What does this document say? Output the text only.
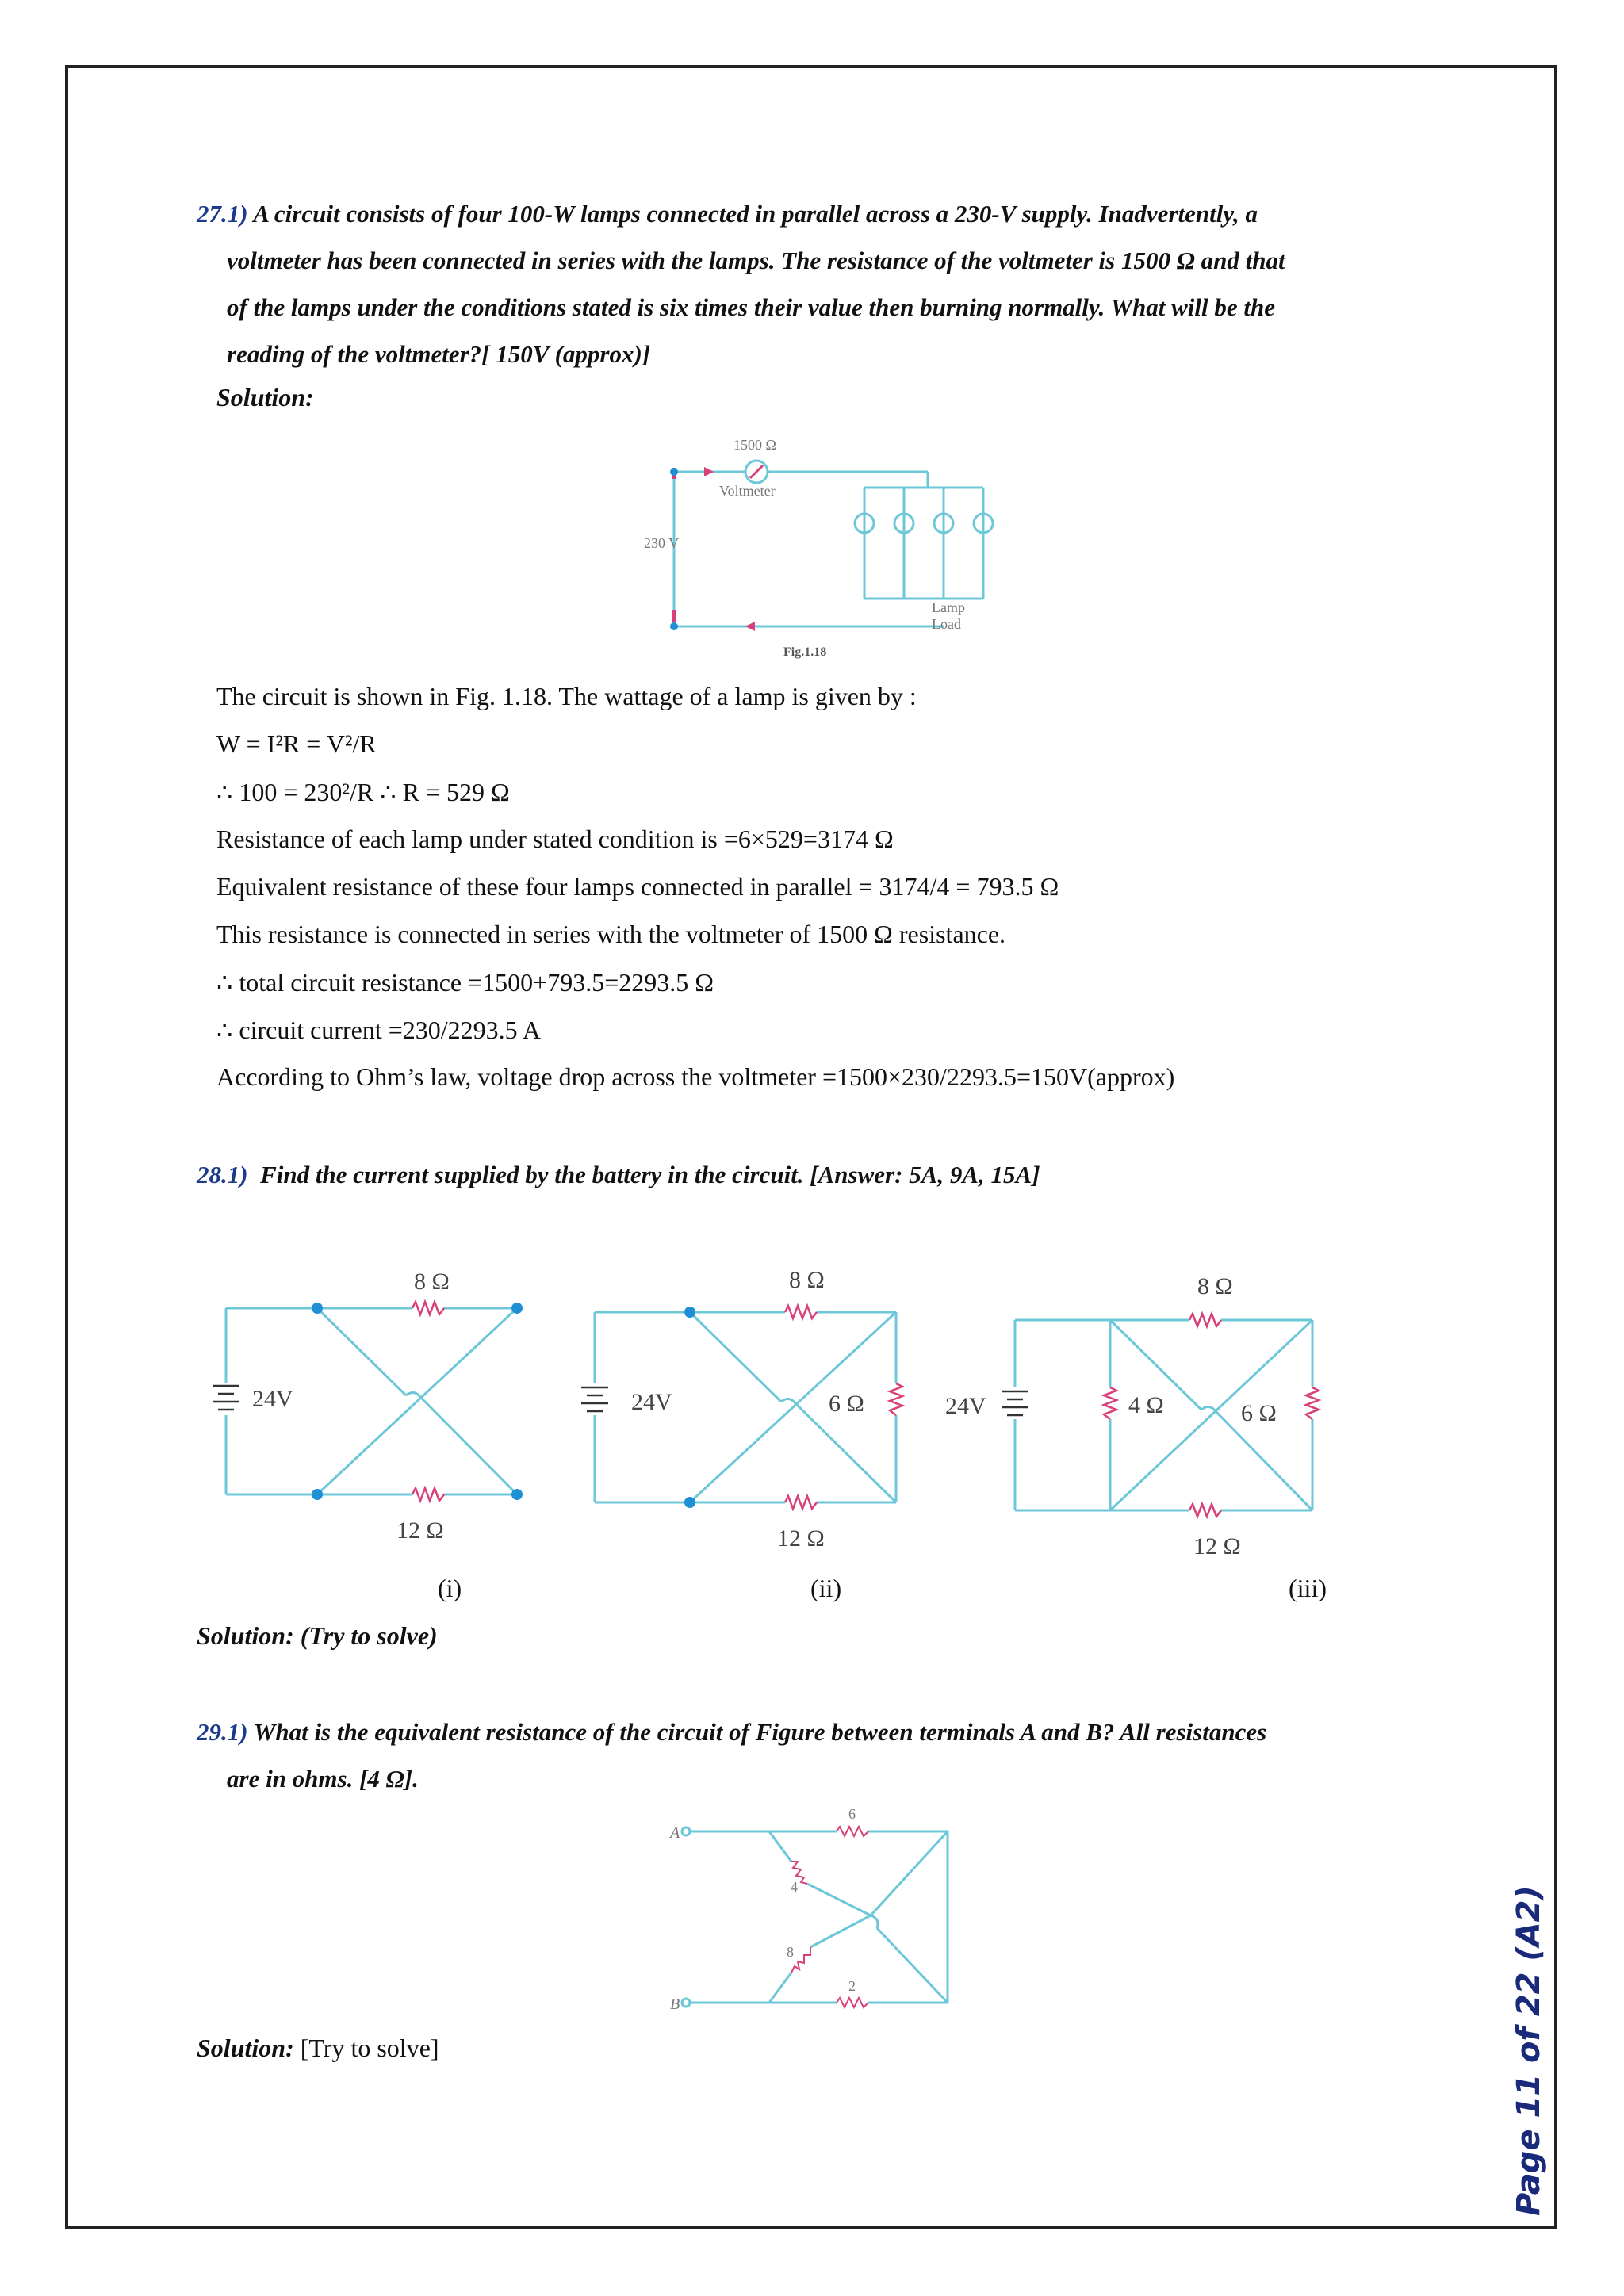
27.1) A circuit consists of four 100-W lamps connected in parallel across a 230-V supply. Inadvertently, a
voltmeter has been connected in series with the lamps. The resistance of the voltmeter is 1500 Ω and that
of the lamps under the conditions stated is six times their value then burning normally. What will be the
reading of the voltmeter?[ 150V (approx)]
Solution:
1500 Ω
Voltmeter
230 V
Lamp
Load
Fig.1.18
The circuit is shown in Fig. 1.18. The wattage of a lamp is given by :
W = I²R = V²/R
∴ 100 = 230²/R ∴ R = 529 Ω
Resistance of each lamp under stated condition is =6×529=3174 Ω
Equivalent resistance of these four lamps connected in parallel = 3174/4 = 793.5 Ω
This resistance is connected in series with the voltmeter of 1500 Ω resistance.
∴ total circuit resistance =1500+793.5=2293.5 Ω
∴ circuit current =230/2293.5 A
According to Ohm’s law, voltage drop across the voltmeter =1500×230/2293.5=150V(approx)
28.1) Find the current supplied by the battery in the circuit. [Answer: 5A, 9A, 15A]
24V
8 Ω
12 Ω
24V
8 Ω
6 Ω
12 Ω
24V
8 Ω
4 Ω	6 Ω
12 Ω
(i)	(ii)	(iii)
Solution: (Try to solve)
29.1) What is the equivalent resistance of the circuit of Figure between terminals A and B? All resistances
are in ohms. [4 Ω].
A
B
6
4
8
2
Solution: [Try to solve]	Page 11 of 22 (A2)
